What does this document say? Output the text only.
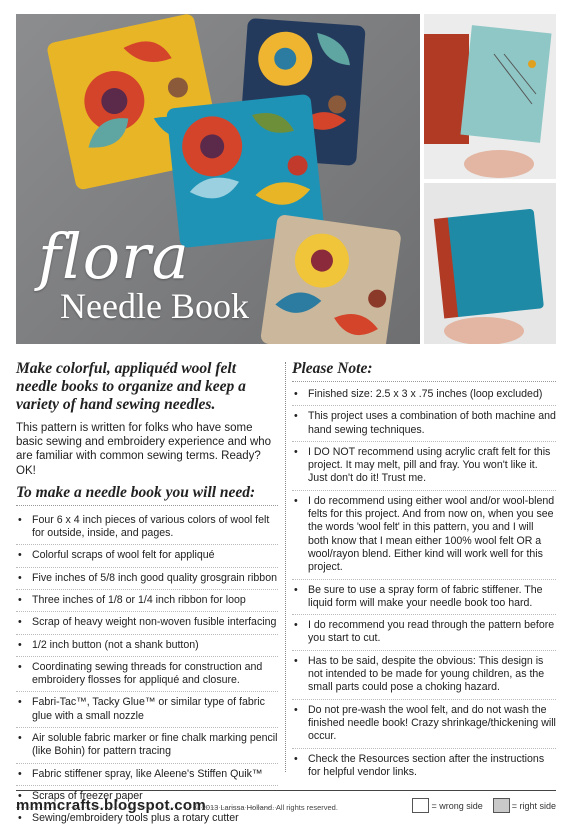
flora
Needle Book

Make colorful, appliquéd wool felt needle books to organize and keep a variety of hand sewing needles.

This pattern is written for folks who have some basic sewing and embroidery experience and who are familiar with common sewing terms. Ready? OK!

To make a needle book you will need:
• Four 6 x 4 inch pieces of various colors of wool felt for outside, inside, and pages.
• Colorful scraps of wool felt for appliqué
• Five inches of 5/8 inch good quality grosgrain ribbon
• Three inches of 1/8 or 1/4 inch ribbon for loop
• Scrap of heavy weight non-woven fusible interfacing
• 1/2 inch button (not a shank button)
• Coordinating sewing threads for construction and embroidery flosses for appliqué and closure.
• Fabri-Tac™, Tacky Glue™ or similar type of fabric glue with a small nozzle
• Air soluble fabric marker or fine chalk marking pencil (like Bohin) for pattern tracing
• Fabric stiffener spray, like Aleene's Stiffen Quik™
• Scraps of freezer paper
• Sewing/embroidery tools plus a rotary cutter
Please Note:
• Finished size: 2.5 x 3 x .75 inches (loop excluded)
• This project uses a combination of both machine and hand sewing techniques.
• I DO NOT recommend using acrylic craft felt for this project. It may melt, pill and fray. You won't like it. Just don't do it! Trust me.
• I do recommend using either wool and/or wool-blend felts for this project. And from now on, when you see the words 'wool felt' in this pattern, you and I will both know that I mean either 100% wool felt OR a wool/rayon blend. Either kind will work well for this project.
• Be sure to use a spray form of fabric stiffener. The liquid form will make your needle book too hard.
• I do recommend you read through the pattern before you start to cut.
• Has to be said, despite the obvious: This design is not intended to be made for young children, as the small parts could pose a choking hazard.
• Do not pre-wash the wool felt, and do not wash the finished needle book! Crazy shrinkage/thickening will occur.
• Check the Resources section after the instructions for helpful vendor links.
mmmcrafts.blogspot.com
© 2013 Larissa Holland. All rights reserved.	= wrong side	= right side
